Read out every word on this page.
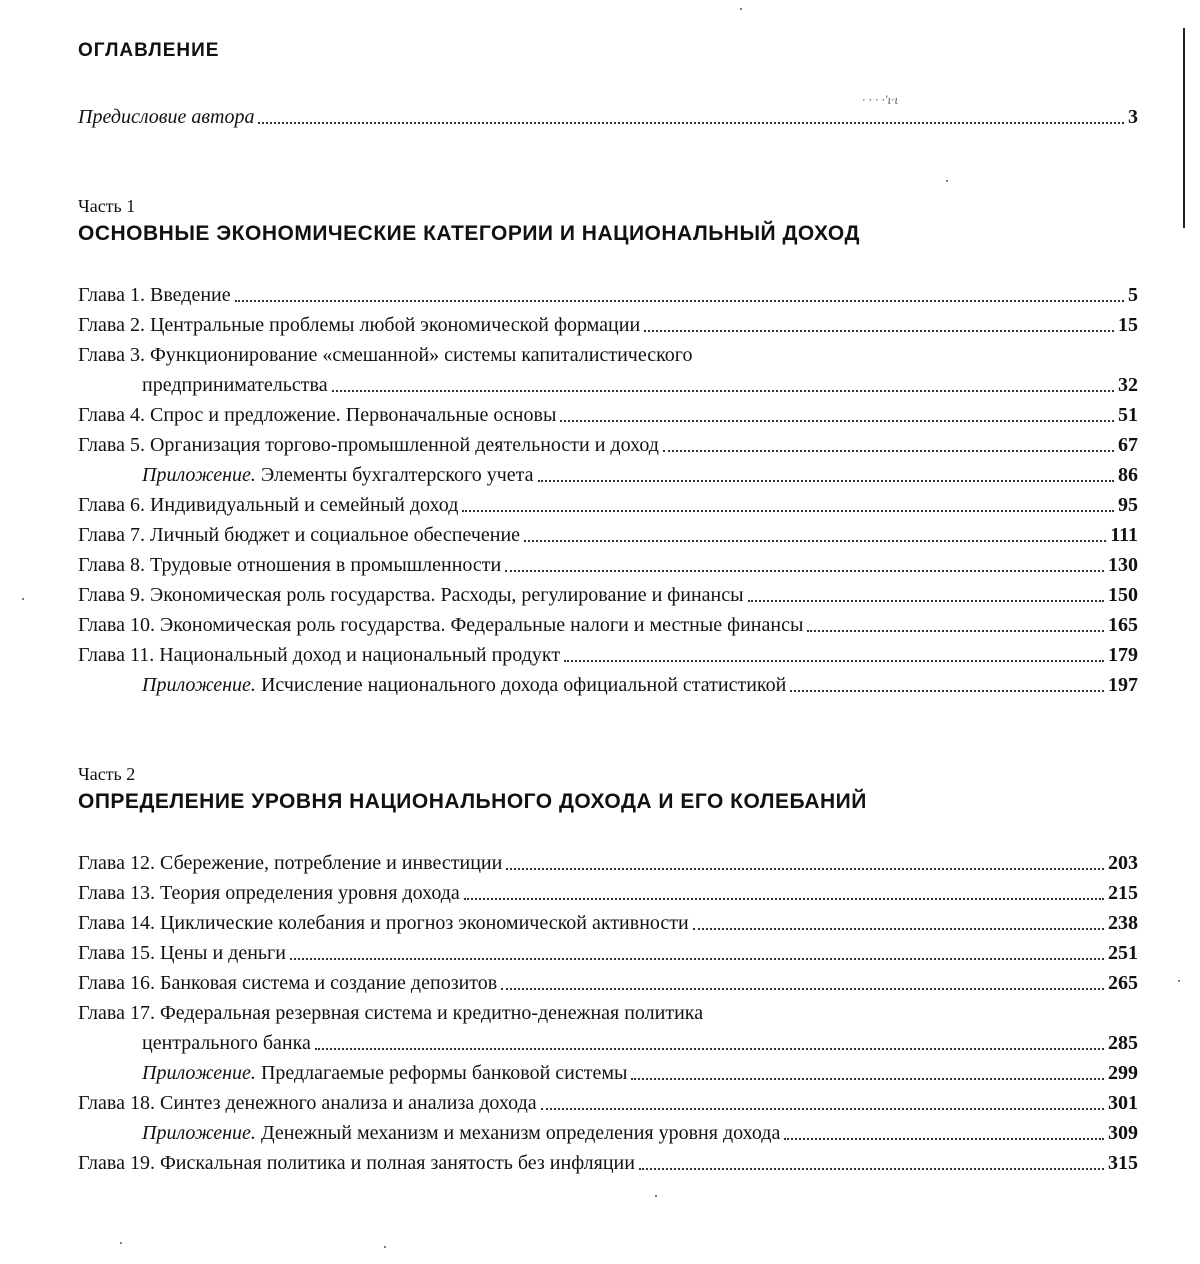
ОГЛАВЛЕНИЕ
Предисловие автора	3
· · · ·'ι·ι
Часть 1
ОСНОВНЫЕ ЭКОНОМИЧЕСКИЕ КАТЕГОРИИ И НАЦИОНАЛЬНЫЙ ДОХОД
Глава 1. Введение	5
Глава 2. Центральные проблемы любой экономической формации	15
Глава 3. Функционирование «смешанной» системы капиталистического
предпринимательства	32
Глава 4. Спрос и предложение. Первоначальные основы	51
Глава 5. Организация торгово-промышленной деятельности и доход	67
Приложение. Элементы бухгалтерского учета	86
Глава 6. Индивидуальный и семейный доход	95
Глава 7. Личный бюджет и социальное обеспечение	111
Глава 8. Трудовые отношения в промышленности	130
Глава 9. Экономическая роль государства. Расходы, регулирование и финансы	150
Глава 10. Экономическая роль государства. Федеральные налоги и местные финансы	165
Глава 11. Национальный доход и национальный продукт	179
Приложение. Исчисление национального дохода официальной статистикой	197
Часть 2
ОПРЕДЕЛЕНИЕ УРОВНЯ НАЦИОНАЛЬНОГО ДОХОДА И ЕГО КОЛЕБАНИЙ
Глава 12. Сбережение, потребление и инвестиции	203
Глава 13. Теория определения уровня дохода	215
Глава 14. Циклические колебания и прогноз экономической активности	238
Глава 15. Цены и деньги	251
Глава 16. Банковая система и создание депозитов	265
Глава 17. Федеральная резервная система и кредитно-денежная политика
центрального банка	285
Приложение. Предлагаемые реформы банковой системы	299
Глава 18. Синтез денежного анализа и анализа дохода	301
Приложение. Денежный механизм и механизм определения уровня дохода	309
Глава 19. Фискальная политика и полная занятость без инфляции	315
